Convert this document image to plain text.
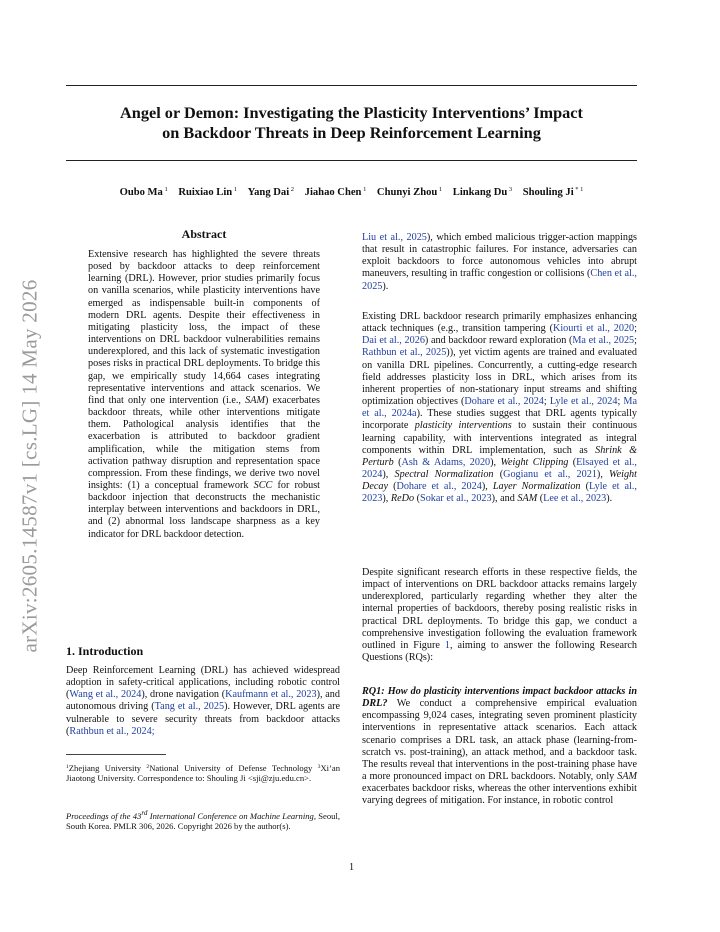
Angel or Demon: Investigating the Plasticity Interventions’ Impact
on Backdoor Threats in Deep Reinforcement Learning
Oubo Ma $^1$  Ruixiao Lin $^1$  Yang Dai $^2$  Jiahao Chen $^1$  Chunyi Zhou $^1$  Linkang Du $^3$  Shouling Ji $^{* 1}$
arXiv:2605.14587v1 [cs.LG] 14 May 2026
Abstract
Extensive research has highlighted the severe threats posed by backdoor attacks to deep reinforcement learning (DRL). However, prior studies primarily focus on vanilla scenarios, while plasticity interventions have emerged as indispensable built-in components of modern DRL agents. Despite their effectiveness in mitigating plasticity loss, the impact of these interventions on DRL backdoor vulnerabilities remains underexplored, and this lack of systematic investigation poses risks in practical DRL deployments. To bridge this gap, we empirically study 14,664 cases integrating representative interventions and attack scenarios. We find that only one intervention (i.e., SAM) exacerbates backdoor threats, while other interventions mitigate them. Pathological analysis identifies that the exacerbation is attributed to backdoor gradient amplification, while the mitigation stems from activation pathway disruption and representation space compression. From these findings, we derive two novel insights: (1) a conceptual framework SCC for robust backdoor injection that deconstructs the mechanistic interplay between interventions and backdoors in DRL, and (2) abnormal loss landscape sharpness as a key indicator for DRL backdoor detection.
1. Introduction
Deep Reinforcement Learning (DRL) has achieved widespread adoption in safety-critical applications, including robotic control (Wang et al., 2024), drone navigation (Kaufmann et al., 2023), and autonomous driving (Tang et al., 2025). However, DRL agents are vulnerable to severe security threats from backdoor attacks (Rathbun et al., 2024;
$^1$Zhejiang University $^2$National University of Defense Technology $^3$Xi’an Jiaotong University. Correspondence to: Shouling Ji <sji@zju.edu.cn>.
Proceedings of the 43rd International Conference on Machine Learning, Seoul, South Korea. PMLR 306, 2026. Copyright 2026 by the author(s).
Liu et al., 2025), which embed malicious trigger-action mappings that result in catastrophic failures. For instance, adversaries can exploit backdoors to force autonomous vehicles into abrupt maneuvers, resulting in traffic congestion or collisions (Chen et al., 2025).
Existing DRL backdoor research primarily emphasizes enhancing attack techniques (e.g., transition tampering (Kiourti et al., 2020; Dai et al., 2026) and backdoor reward exploration (Ma et al., 2025; Rathbun et al., 2025)), yet victim agents are trained and evaluated on vanilla DRL pipelines. Concurrently, a cutting-edge research field addresses plasticity loss in DRL, which arises from its inherent properties of non-stationary input streams and shifting optimization objectives (Dohare et al., 2024; Lyle et al., 2024; Ma et al., 2024a). These studies suggest that DRL agents typically incorporate plasticity interventions to sustain their continuous learning capability, with interventions integrated as integral components within DRL implementation, such as Shrink & Perturb (Ash & Adams, 2020), Weight Clipping (Elsayed et al., 2024), Spectral Normalization (Gogianu et al., 2021), Weight Decay (Dohare et al., 2024), Layer Normalization (Lyle et al., 2023), ReDo (Sokar et al., 2023), and SAM (Lee et al., 2023).
Despite significant research efforts in these respective fields, the impact of interventions on DRL backdoor attacks remains largely underexplored, particularly regarding whether they alter the internal properties of backdoors, thereby posing realistic risks in practical DRL deployments. To bridge this gap, we conduct a comprehensive investigation following the evaluation framework outlined in Figure 1, aiming to answer the following Research Questions (RQs):
RQ1: How do plasticity interventions impact backdoor attacks in DRL? We conduct a comprehensive empirical evaluation encompassing 9,024 cases, integrating seven prominent plasticity interventions in representative attack scenarios. Each attack scenario comprises a DRL task, an attack phase (learning-from-scratch vs. post-training), an attack method, and a backdoor task. The results reveal that interventions in the post-training phase have a more pronounced impact on DRL backdoors. Notably, only SAM exacerbates backdoor risks, whereas the other interventions exhibit varying degrees of mitigation. For instance, in robotic control
1
